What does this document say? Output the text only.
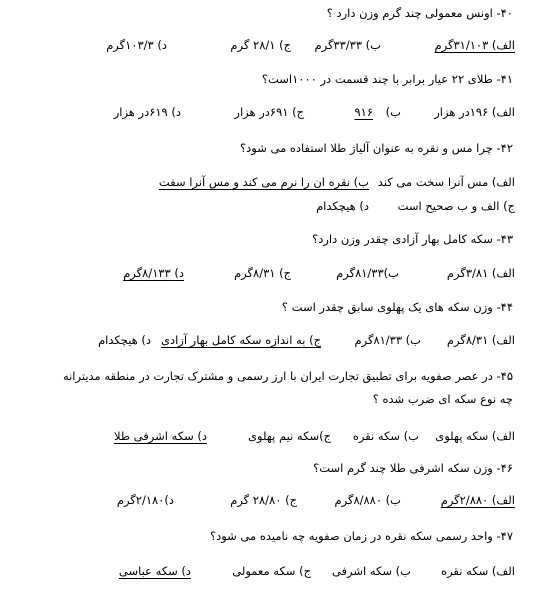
۴۰- اونس معمولی چند گرم وزن دارد ؟
الف) ۳۱/۱۰۳گرم
ب) ۳۳/۳۳گرم
ج) ۲۸/۱ گرم
د) ۱۰۳/۳گرم
۴۱- طلای ۲۲ عیار برابر با چند قسمت در ۱۰۰۰است؟
الف) ۱۹۶در هزار
ب)
۹۱۶
ج) ۶۹۱در هزار
د) ۶۱۹در هزار
۴۲- چرا مس و نقره به عنوان آلیاژ طلا استفاده می شود؟
الف) مس آنرا سخت می کند
ب) نقره ان را نرم می کند و مس آنرا سفت
ج) الف و ب صحیح است
د) هیچکدام
۴۳- سکه کامل بهار آزادی چقدر وزن دارد؟
الف) ۳/۸۱گرم
ب)۸۱/۳۳گرم
ج) ۸/۳۱گرم
د) ۸/۱۳۳گرم
۴۴- وزن سکه های یک پهلوی سابق چقدر است ؟
الف) ۸/۳۱گرم
ب) ۸۱/۳۳گرم
ج) به اندازه سکه کامل بهار آزادی
د) هیچکدام
۴۵- در عصر صفویه برای تطبیق تجارت ایران با ارز رسمی و مشترک تجارت در منطقه مدیترانه چه نوع سکه ای ضرب شده ؟
الف) سکه پهلوی
ب) سکه نقره
ج)سکه نیم پهلوی
د) سکه اشرفی طلا
۴۶- وزن سکه اشرفی طلا چند گرم است؟
الف) ۲/۸۸۰گرم
ب) ۸/۸۸۰گرم
ج) ۲۸/۸۰ گرم
د)۲/۱۸۰گرم
۴۷- واحد رسمی سکه نقره در زمان صفویه چه نامیده می شود؟
الف) سکه نقره
ب) سکه اشرفی
ج) سکه معمولی
د) سکه عباسی
